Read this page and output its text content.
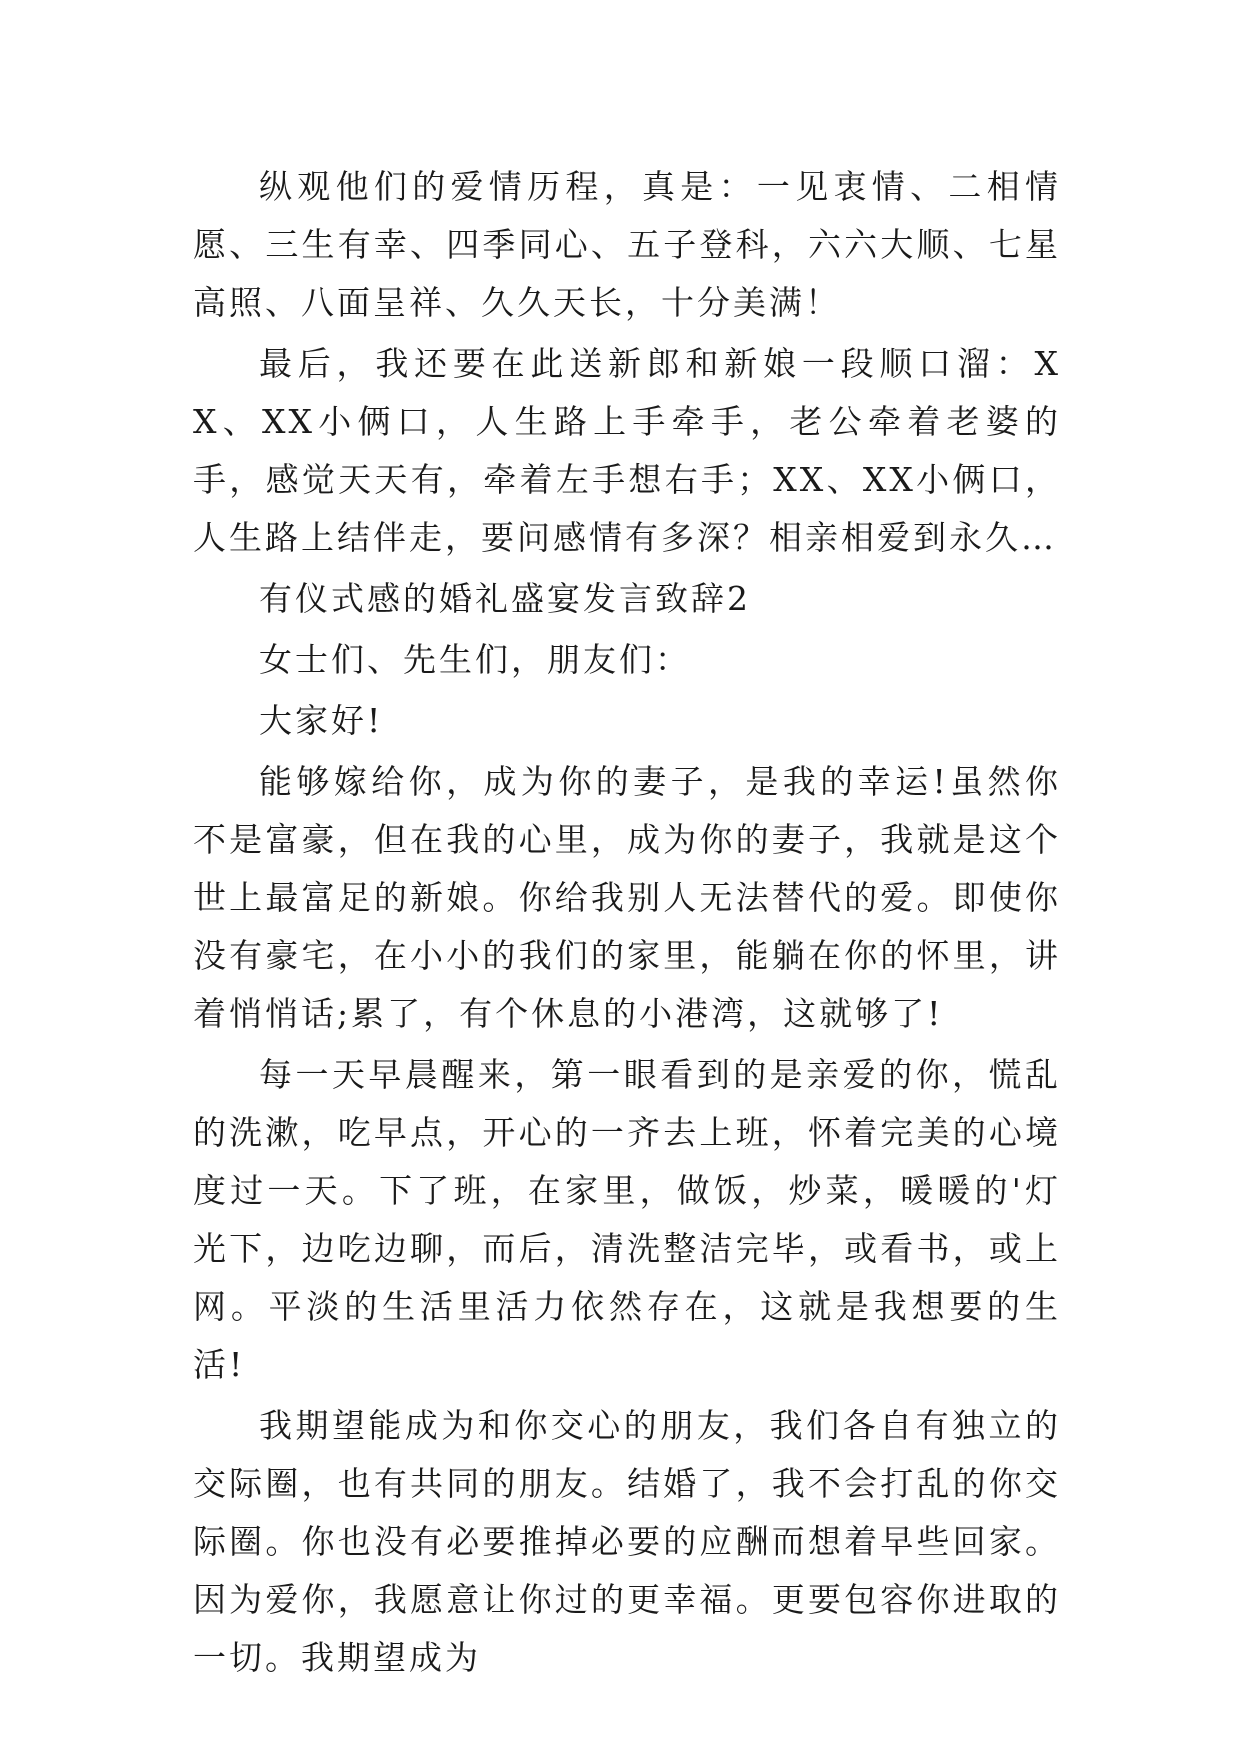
纵观他们的爱情历程，真是：一见衷情、二相情愿、三生有幸、四季同心、五子登科，六六大顺、七星高照、八面呈祥、久久天长，十分美满！

最后，我还要在此送新郎和新娘一段顺口溜：XX、XX小俩口，人生路上手牵手，老公牵着老婆的手，感觉天天有，牵着左手想右手；XX、XX小俩口，人生路上结伴走，要问感情有多深？相亲相爱到永久…

有仪式感的婚礼盛宴发言致辞2

女士们、先生们，朋友们：

大家好!

能够嫁给你，成为你的妻子，是我的幸运!虽然你不是富豪，但在我的心里，成为你的妻子，我就是这个世上最富足的新娘。你给我别人无法替代的爱。即使你没有豪宅，在小小的我们的家里，能躺在你的怀里，讲着悄悄话;累了，有个休息的小港湾，这就够了!

每一天早晨醒来，第一眼看到的是亲爱的你，慌乱的洗漱，吃早点，开心的一齐去上班，怀着完美的心境度过一天。下了班，在家里，做饭，炒菜，暖暖的'灯光下，边吃边聊，而后，清洗整洁完毕，或看书，或上网。平淡的生活里活力依然存在，这就是我想要的生活!

我期望能成为和你交心的朋友，我们各自有独立的交际圈，也有共同的朋友。结婚了，我不会打乱的你交际圈。你也没有必要推掉必要的应酬而想着早些回家。因为爱你，我愿意让你过的更幸福。更要包容你进取的一切。我期望成为
